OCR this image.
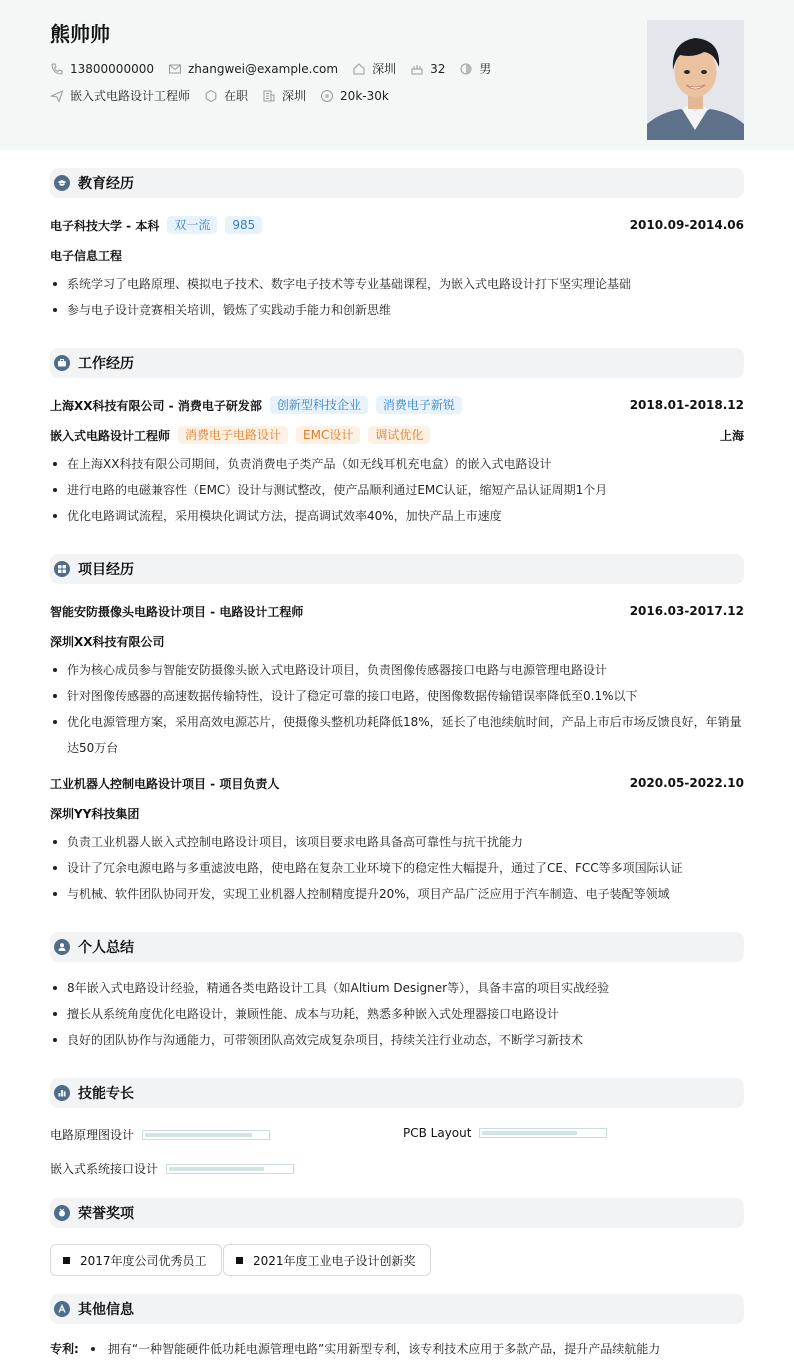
熊帅帅
13800000000	zhangwei@example.com	深圳	32	男
嵌入式电路设计工程师	在职	深圳	20k-30k
教育经历
电子科技大学 - 本科	双一流	985	2010.09-2014.06
电子信息工程
系统学习了电路原理、模拟电子技术、数字电子技术等专业基础课程，为嵌入式电路设计打下坚实理论基础
参与电子设计竞赛相关培训，锻炼了实践动手能力和创新思维
工作经历
上海XX科技有限公司 - 消费电子研发部	创新型科技企业	消费电子新锐	2018.01-2018.12
嵌入式电路设计工程师	消费电子电路设计	EMC设计	调试优化	上海
在上海XX科技有限公司期间，负责消费电子类产品（如无线耳机充电盒）的嵌入式电路设计
进行电路的电磁兼容性（EMC）设计与测试整改，使产品顺利通过EMC认证，缩短产品认证周期1个月
优化电路调试流程，采用模块化调试方法，提高调试效率40%，加快产品上市速度
项目经历
智能安防摄像头电路设计项目 - 电路设计工程师	2016.03-2017.12
深圳XX科技有限公司
作为核心成员参与智能安防摄像头嵌入式电路设计项目，负责图像传感器接口电路与电源管理电路设计
针对图像传感器的高速数据传输特性，设计了稳定可靠的接口电路，使图像数据传输错误率降低至0.1%以下
优化电源管理方案，采用高效电源芯片，使摄像头整机功耗降低18%，延长了电池续航时间，产品上市后市场反馈良好，年销量达50万台
工业机器人控制电路设计项目 - 项目负责人	2020.05-2022.10
深圳YY科技集团
负责工业机器人嵌入式控制电路设计项目，该项目要求电路具备高可靠性与抗干扰能力
设计了冗余电源电路与多重滤波电路，使电路在复杂工业环境下的稳定性大幅提升，通过了CE、FCC等多项国际认证
与机械、软件团队协同开发，实现工业机器人控制精度提升20%，项目产品广泛应用于汽车制造、电子装配等领域
个人总结
8年嵌入式电路设计经验，精通各类电路设计工具（如Altium Designer等），具备丰富的项目实战经验
擅长从系统角度优化电路设计，兼顾性能、成本与功耗，熟悉多种嵌入式处理器接口电路设计
良好的团队协作与沟通能力，可带领团队高效完成复杂项目，持续关注行业动态，不断学习新技术
技能专长
电路原理图设计	PCB Layout
嵌入式系统接口设计
荣誉奖项
2017年度公司优秀员工	2021年度工业电子设计创新奖
其他信息
专利: 拥有“一种智能硬件低功耗电源管理电路”实用新型专利，该专利技术应用于多款产品，提升产品续航能力
